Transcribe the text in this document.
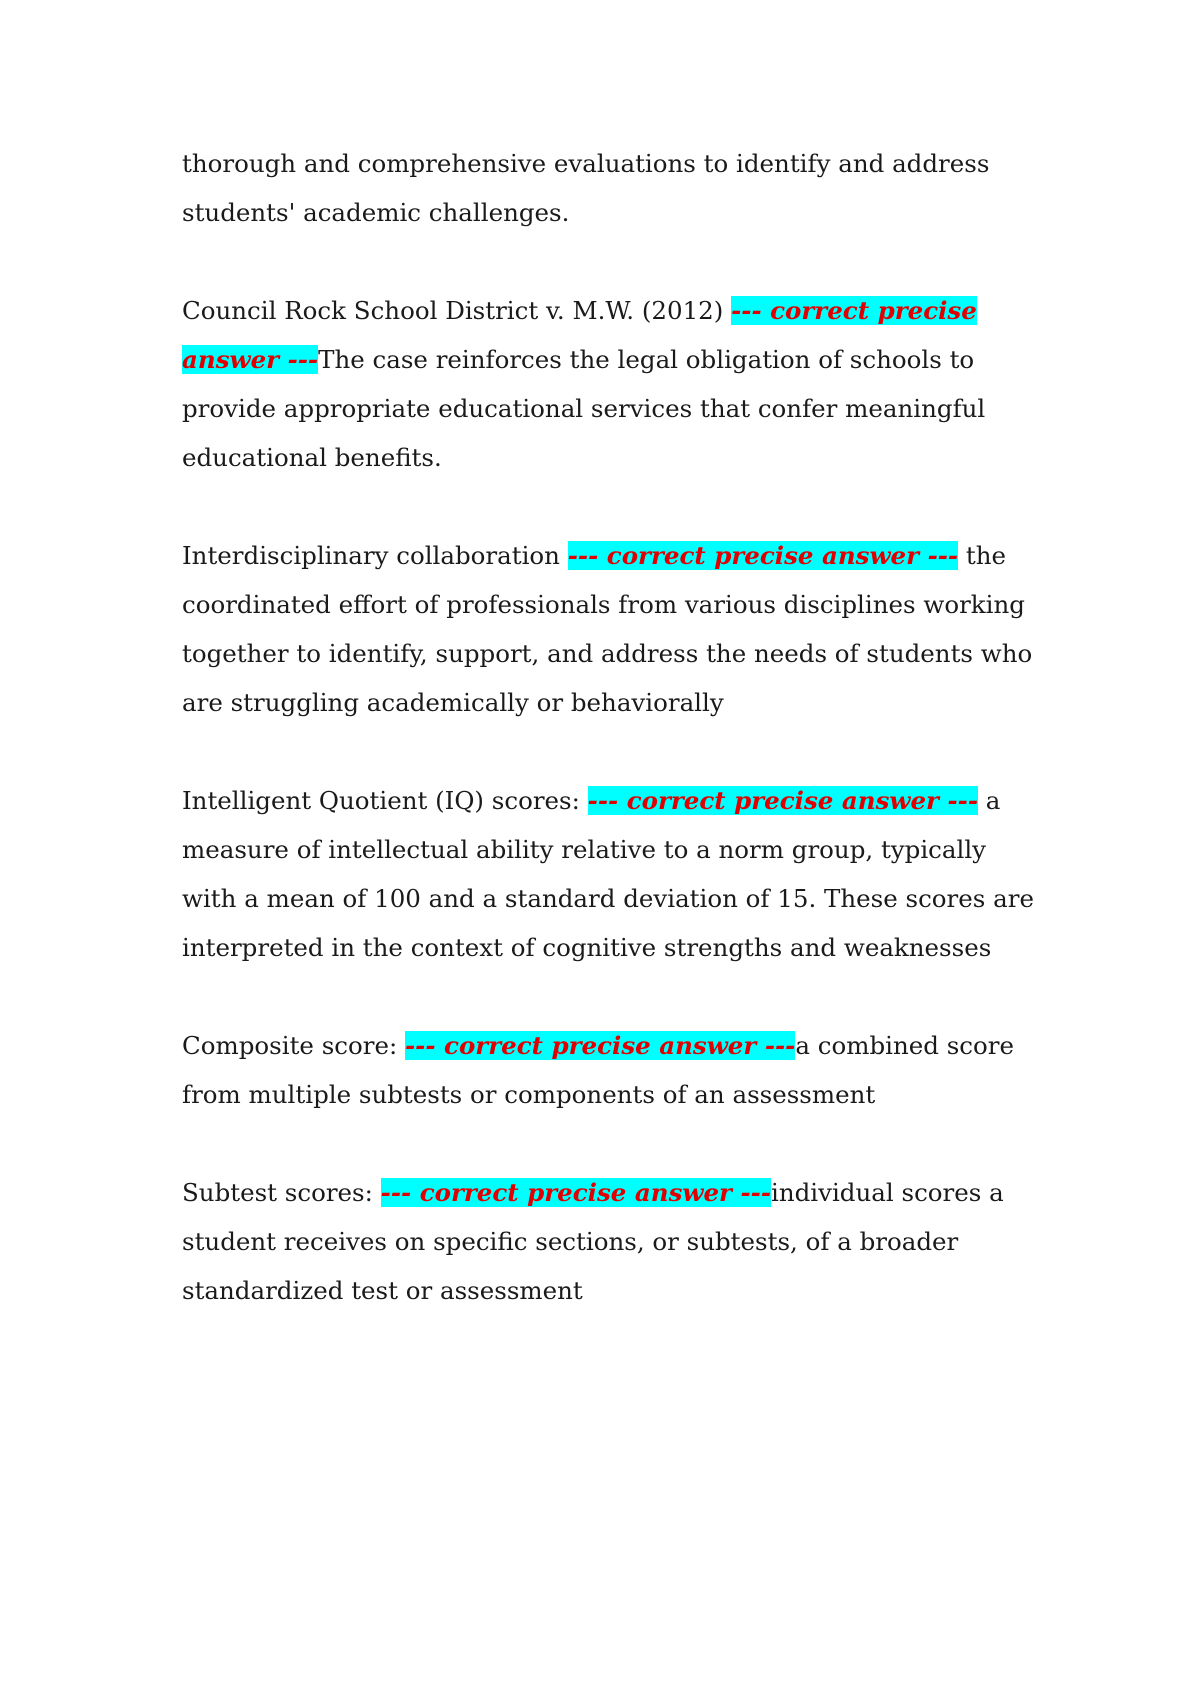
thorough and comprehensive evaluations to identify and address students' academic challenges.

Council Rock School District v. M.W. (2012) --- correct precise answer ---The case reinforces the legal obligation of schools to provide appropriate educational services that confer meaningful educational benefits.

Interdisciplinary collaboration --- correct precise answer --- the coordinated effort of professionals from various disciplines working together to identify, support, and address the needs of students who are struggling academically or behaviorally

Intelligent Quotient (IQ) scores: --- correct precise answer --- a measure of intellectual ability relative to a norm group, typically with a mean of 100 and a standard deviation of 15. These scores are interpreted in the context of cognitive strengths and weaknesses

Composite score: --- correct precise answer ---a combined score from multiple subtests or components of an assessment

Subtest scores: --- correct precise answer ---individual scores a student receives on specific sections, or subtests, of a broader standardized test or assessment
